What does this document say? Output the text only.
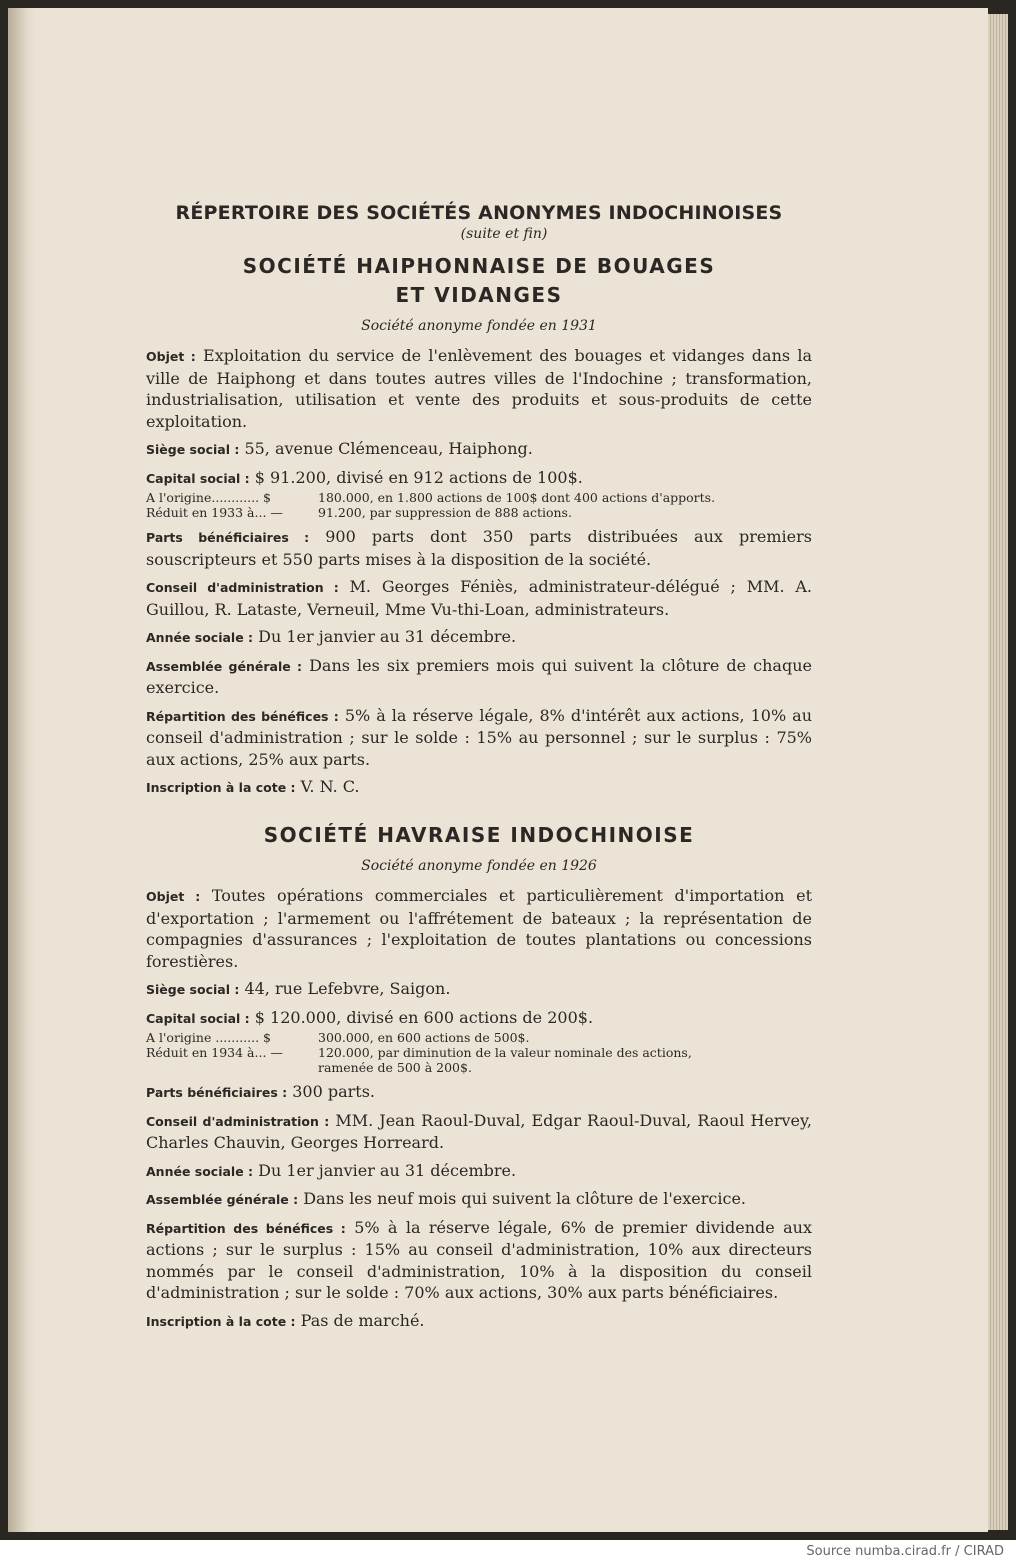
RÉPERTOIRE DES SOCIÉTÉS ANONYMES INDOCHINOISES
(suite et fin)
SOCIÉTÉ HAIPHONNAISE DE BOUAGES
ET VIDANGES
Société anonyme fondée en 1931

Objet : Exploitation du service de l'enlèvement des bouages et vidanges dans la ville de Haiphong et dans toutes autres villes de l'Indochine ; transformation, industrialisation, utilisation et vente des produits et sous-produits de cette exploitation.

Siège social : 55, avenue Clémenceau, Haiphong.

Capital social : $ 91.200, divisé en 912 actions de 100$.

A l'origine............ $	180.000, en 1.800 actions de 100$ dont 400 actions d'apports.
Réduit en 1933 à... —	91.200, par suppression de 888 actions.

Parts bénéficiaires : 900 parts dont 350 parts distribuées aux premiers souscripteurs et 550 parts mises à la disposition de la société.

Conseil d'administration : M. Georges Féniès, administrateur-délégué ; MM. A. Guillou, R. Lataste, Verneuil, Mme Vu-thi-Loan, administrateurs.

Année sociale : Du 1er janvier au 31 décembre.

Assemblée générale : Dans les six premiers mois qui suivent la clôture de chaque exercice.

Répartition des bénéfices : 5% à la réserve légale, 8% d'intérêt aux actions, 10% au conseil d'administration ; sur le solde : 15% au personnel ; sur le surplus : 75% aux actions, 25% aux parts.

Inscription à la cote : V. N. C.

SOCIÉTÉ HAVRAISE INDOCHINOISE
Société anonyme fondée en 1926

Objet : Toutes opérations commerciales et particulièrement d'importation et d'exportation ; l'armement ou l'affrétement de bateaux ; la représentation de compagnies d'assurances ; l'exploitation de toutes plantations ou concessions forestières.

Siège social : 44, rue Lefebvre, Saigon.

Capital social : $ 120.000, divisé en 600 actions de 200$.

A l'origine ........... $	300.000, en 600 actions de 500$.
Réduit en 1934 à... —	120.000, par diminution de la valeur nominale des actions,
ramenée de 500 à 200$.

Parts bénéficiaires : 300 parts.

Conseil d'administration : MM. Jean Raoul-Duval, Edgar Raoul-Duval, Raoul Hervey, Charles Chauvin, Georges Horreard.

Année sociale : Du 1er janvier au 31 décembre.

Assemblée générale : Dans les neuf mois qui suivent la clôture de l'exercice.

Répartition des bénéfices : 5% à la réserve légale, 6% de premier dividende aux actions ; sur le surplus : 15% au conseil d'administration, 10% aux directeurs nommés par le conseil d'administration, 10% à la disposition du conseil d'administration ; sur le solde : 70% aux actions, 30% aux parts bénéficiaires.

Inscription à la cote : Pas de marché.

Source numba.cirad.fr / CIRAD
